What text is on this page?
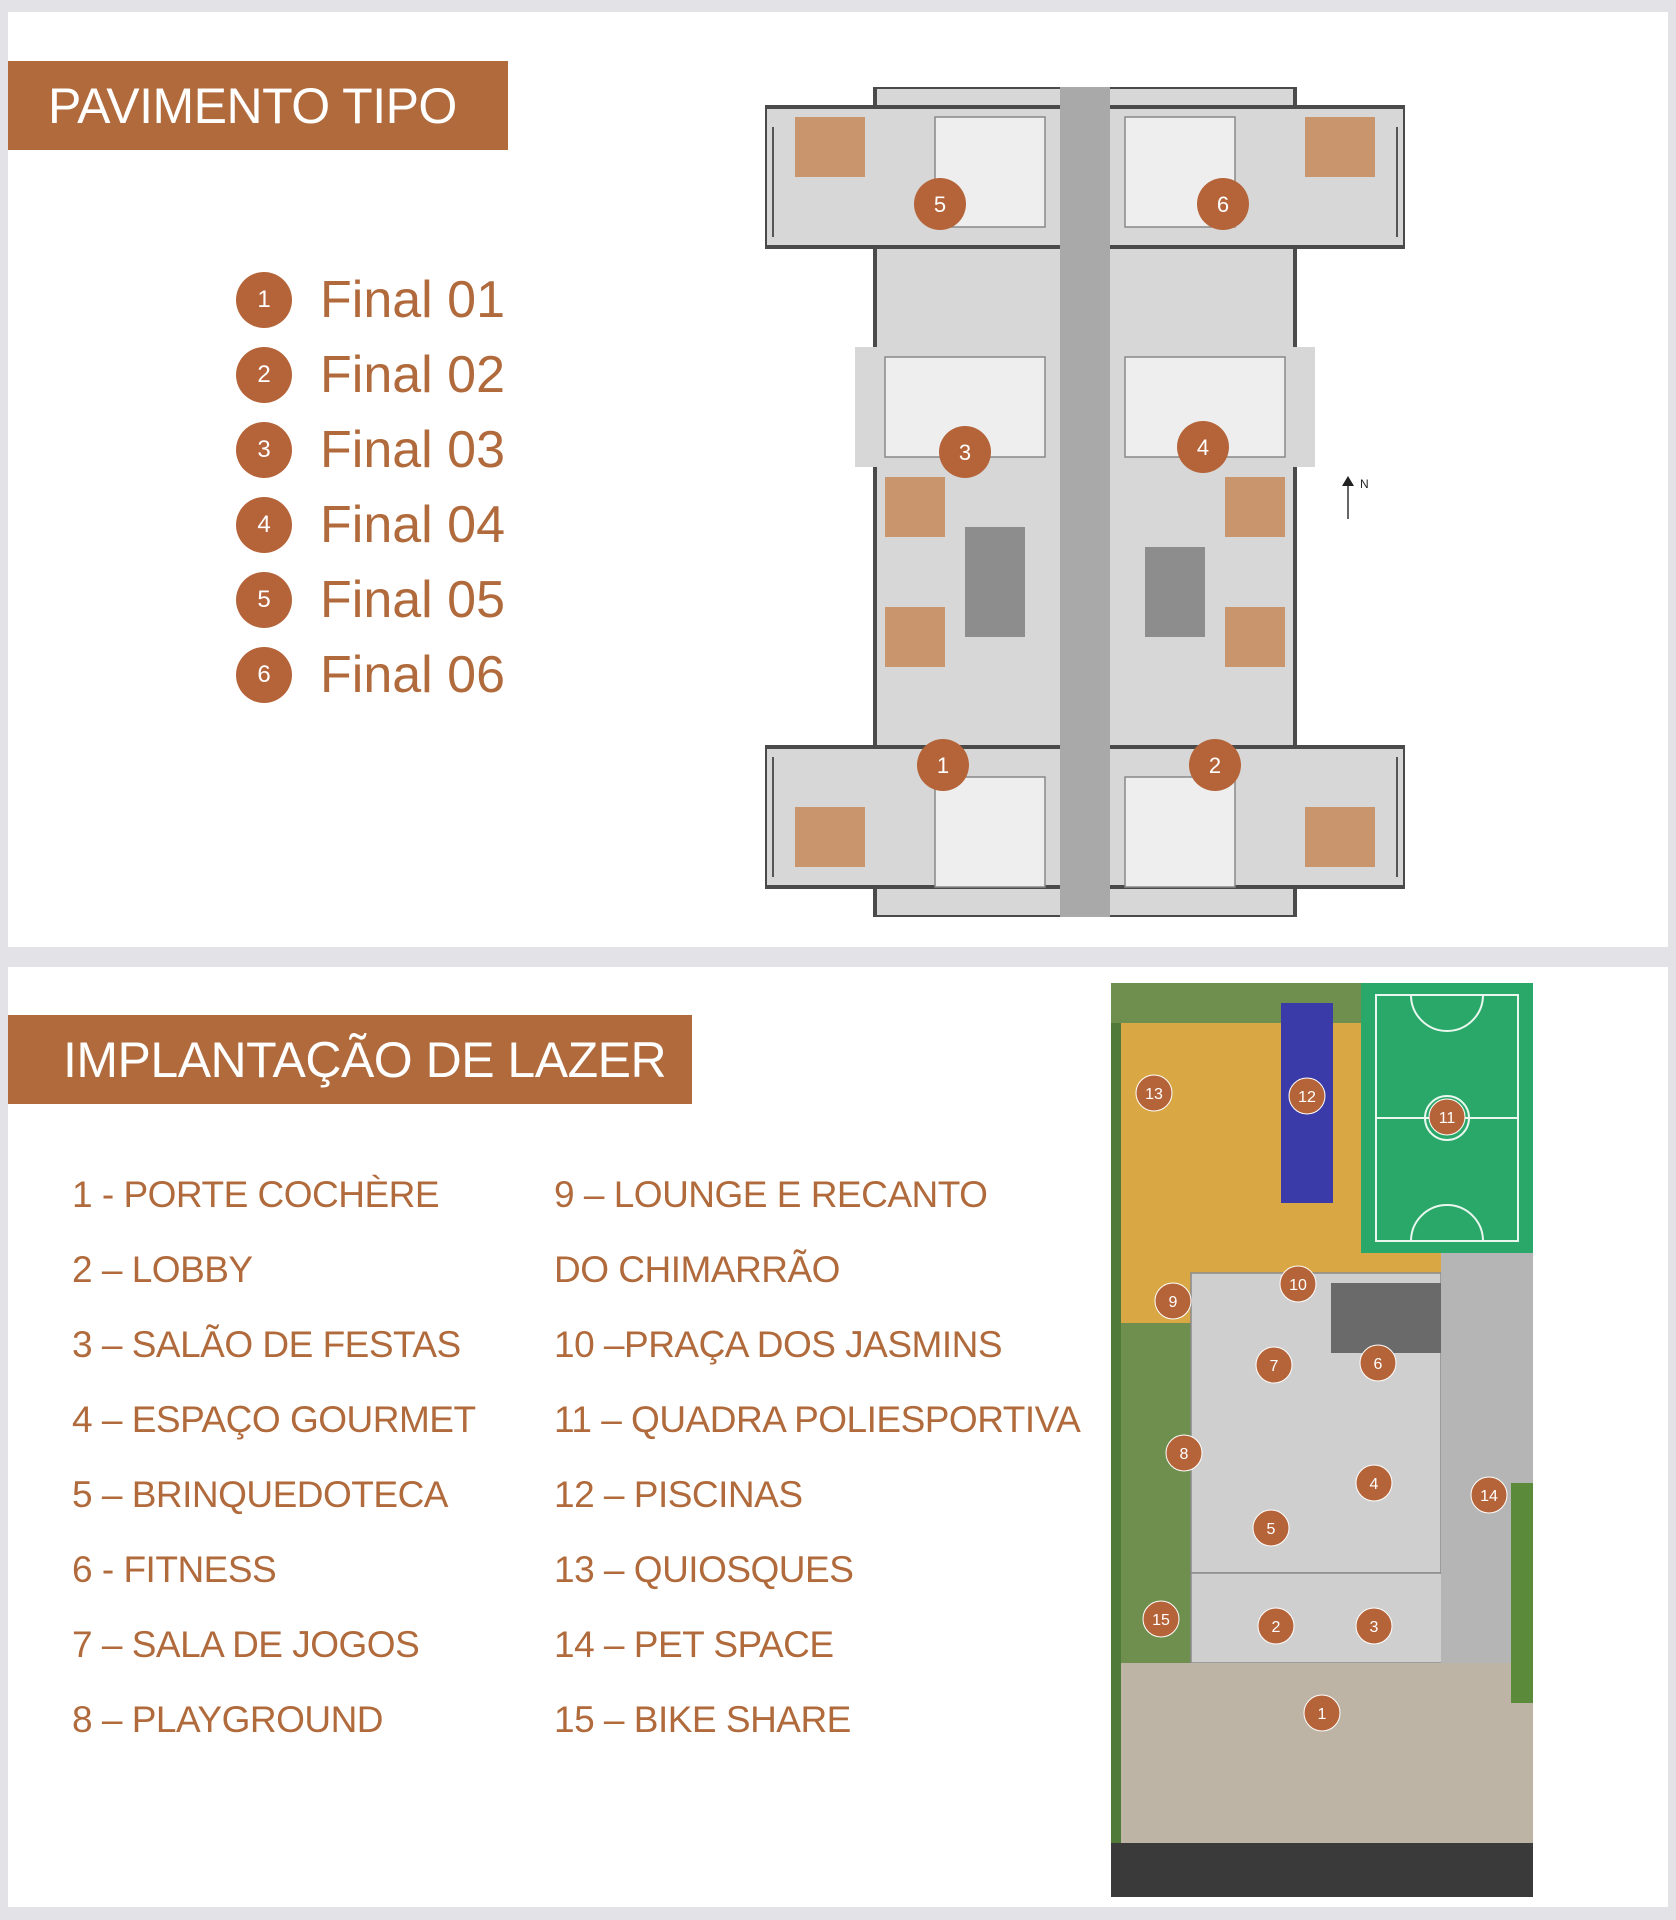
PAVIMENTO TIPO
1 Final 01
2 Final 02
3 Final 03
4 Final 04
5 Final 05
6 Final 06
1	2
3	4
5	6
N
IMPLANTAÇÃO DE LAZER
1 - PORTE COCHÈRE
2 – LOBBY
3 – SALÃO DE FESTAS
4 – ESPAÇO GOURMET
5 – BRINQUEDOTECA
6 - FITNESS
7 – SALA DE JOGOS
8 – PLAYGROUND
9 – LOUNGE E RECANTO
DO CHIMARRÃO
10 –PRAÇA DOS JASMINS
11 – QUADRA POLIESPORTIVA
12 – PISCINAS
13 – QUIOSQUES
14 – PET SPACE
15 – BIKE SHARE	1
2	3
4
5
6
7
8
9
10
11
12
13
14
15
